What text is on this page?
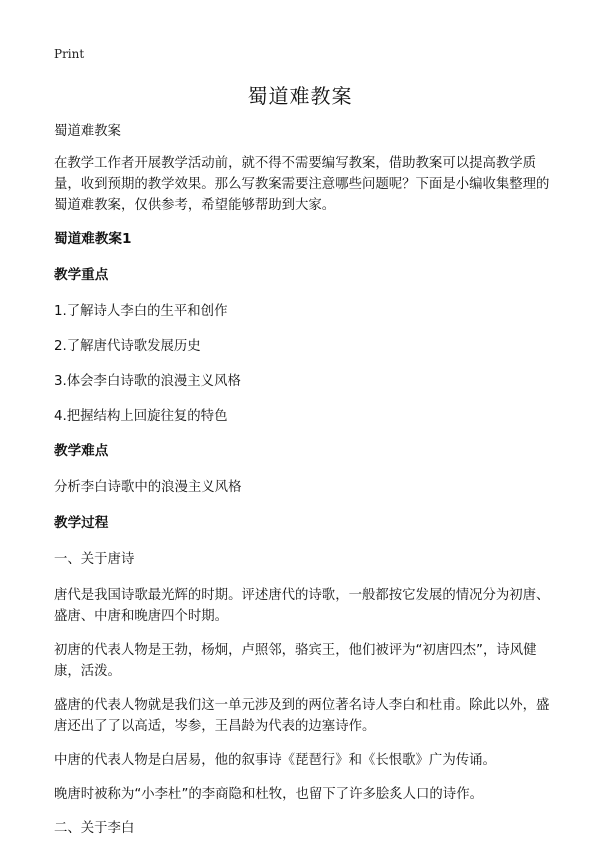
Print
蜀道难教案

蜀道难教案

在教学工作者开展教学活动前，就不得不需要编写教案，借助教案可以提高教学质量，收到预期的教学效果。那么写教案需要注意哪些问题呢？下面是小编收集整理的蜀道难教案，仅供参考，希望能够帮助到大家。

蜀道难教案1

教学重点

1.了解诗人李白的生平和创作

2.了解唐代诗歌发展历史

3.体会李白诗歌的浪漫主义风格

4.把握结构上回旋往复的特色

教学难点

分析李白诗歌中的浪漫主义风格

教学过程

一、关于唐诗

唐代是我国诗歌最光辉的时期。评述唐代的诗歌，一般都按它发展的情况分为初唐、盛唐、中唐和晚唐四个时期。

初唐的代表人物是王勃，杨炯，卢照邻，骆宾王，他们被评为“初唐四杰”，诗风健康，活泼。

盛唐的代表人物就是我们这一单元涉及到的两位著名诗人李白和杜甫。除此以外，盛唐还出了了以高适，岑参，王昌龄为代表的边塞诗作。

中唐的代表人物是白居易，他的叙事诗《琵琶行》和《长恨歌》广为传诵。

晚唐时被称为“小李杜”的李商隐和杜牧，也留下了许多脍炙人口的诗作。

二、关于李白
